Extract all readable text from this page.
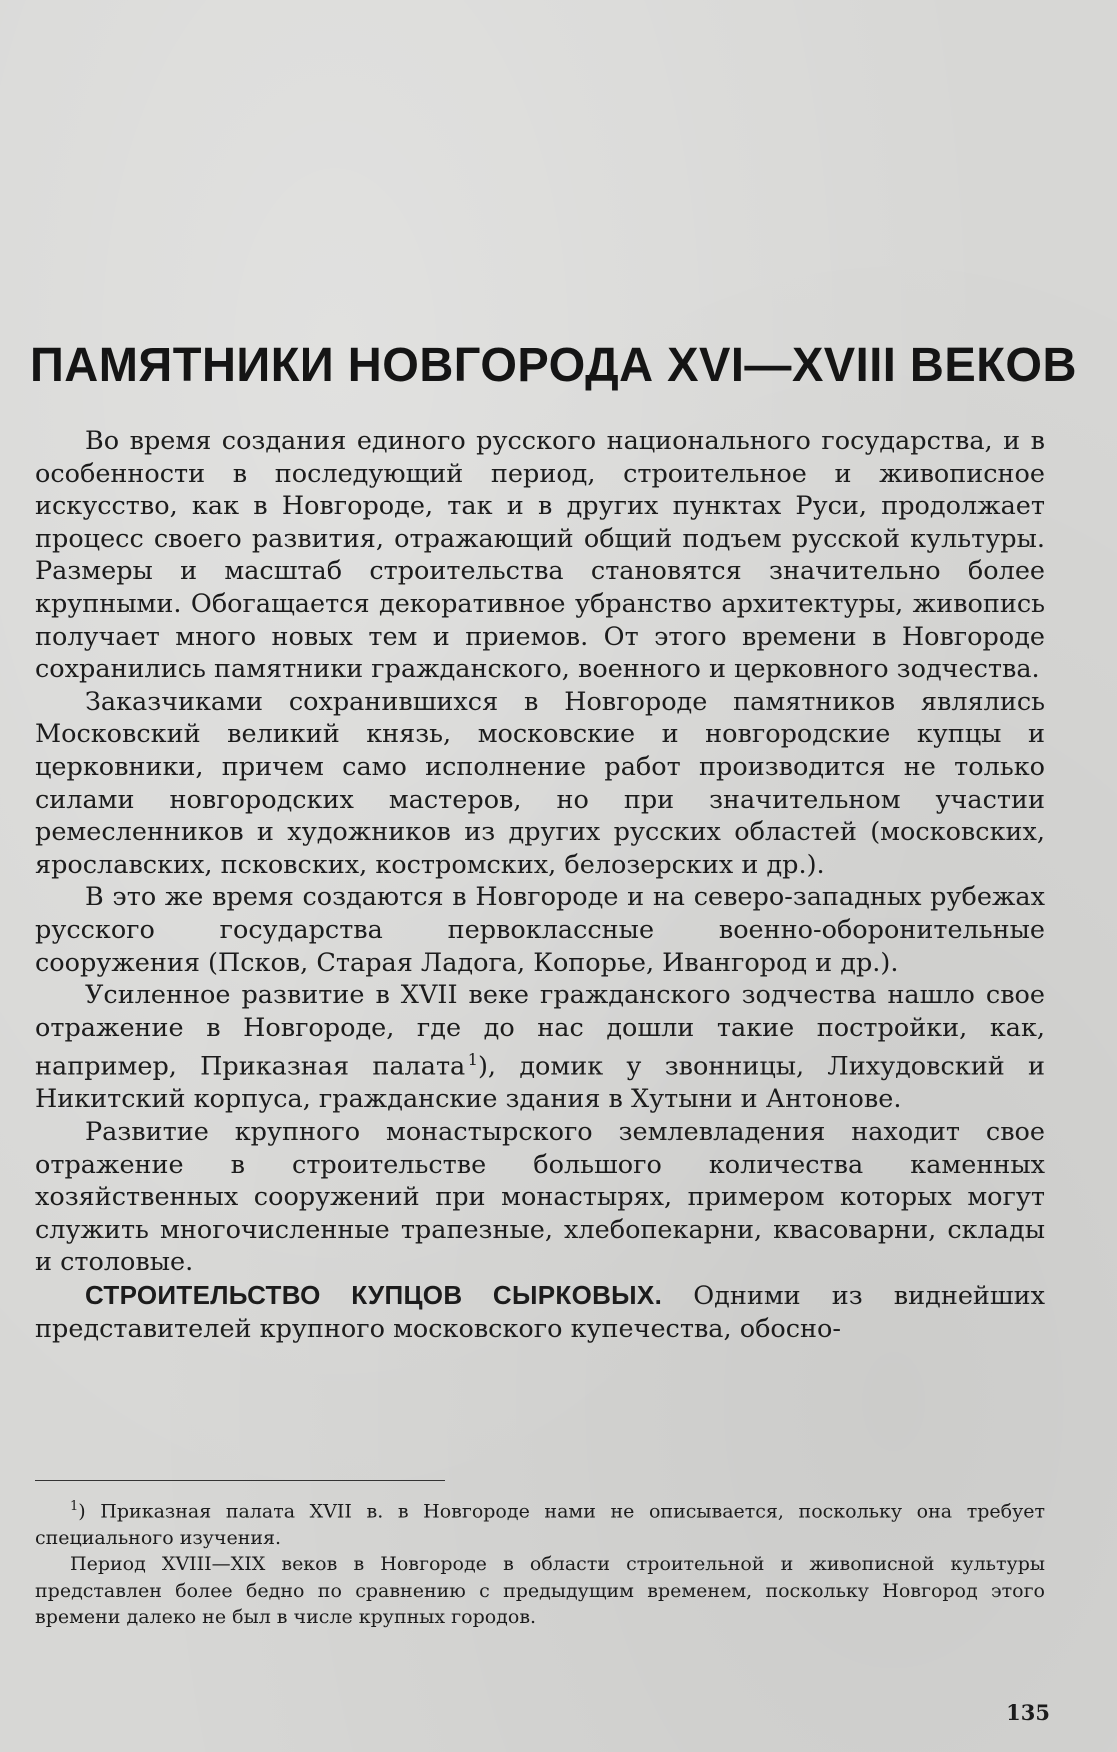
ПАМЯТНИКИ НОВГОРОДА XVI—XVIII ВЕКОВ

Во время создания единого русского национального государства, и в особенности в последующий период, строительное и живописное искусство, как в Новгороде, так и в других пунктах Руси, продолжает процесс своего развития, отражающий общий подъем русской культуры. Размеры и масштаб строительства становятся значительно более крупными. Обогащается декоративное убранство архитектуры, живопись получает много новых тем и приемов. От этого времени в Новгороде сохранились памятники гражданского, военного и церковного зодчества.

Заказчиками сохранившихся в Новгороде памятников являлись Московский великий князь, московские и новгородские купцы и церковники, причем само исполнение работ производится не только силами новгородских мастеров, но при значительном участии ремесленников и художников из других русских областей (московских, ярославских, псковских, костромских, белозерских и др.).

В это же время создаются в Новгороде и на северо-западных рубежах русского государства первоклассные военно-оборонительные сооружения (Псков, Старая Ладога, Копорье, Ивангород и др.).

Усиленное развитие в XVII веке гражданского зодчества нашло свое отражение в Новгороде, где до нас дошли такие постройки, как, например, Приказная палата  $^1$), домик у звонницы, Лихудовский и Никитский корпуса, гражданские здания в Хутыни и Антонове.

Развитие крупного монастырского землевладения находит свое отражение в строительстве большого количества каменных хозяйственных сооружений при монастырях, примером которых могут служить многочисленные трапезные, хлебопекарни, квасоварни, склады и столовые.

СТРОИТЕЛЬСТВО КУПЦОВ СЫРКОВЫХ. Одними из виднейших представителей крупного московского купечества, обосно-

$^1$) Приказная палата XVII в. в Новгороде нами не описывается, поскольку она требует специального изучения.

Период XVIII—XIX веков в Новгороде в области строительной и живописной культуры представлен более бедно по сравнению с предыдущим временем, поскольку Новгород этого времени далеко не был в числе крупных городов.

135
